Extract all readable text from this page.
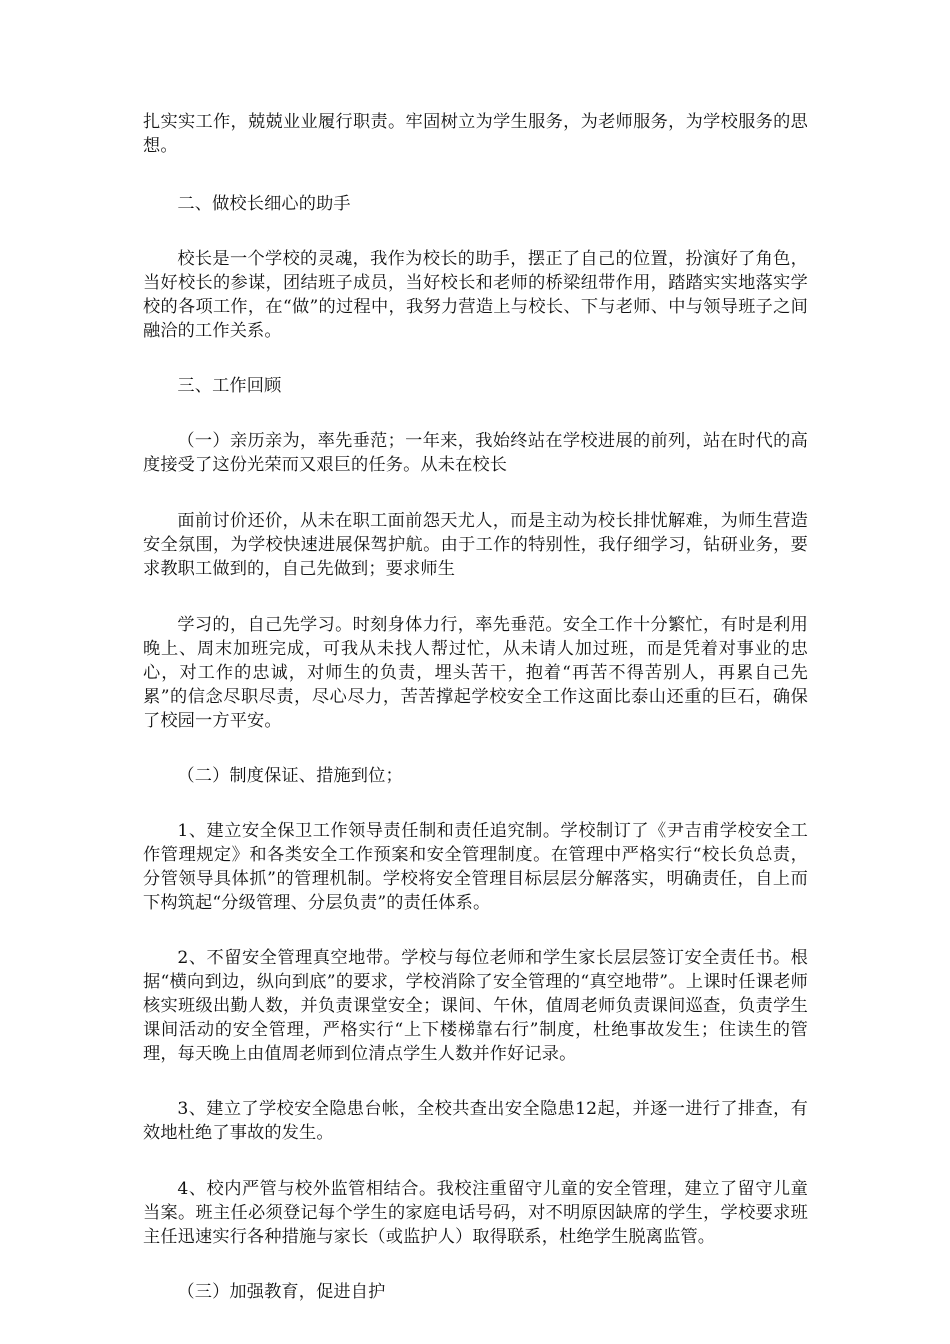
扎实实工作，兢兢业业履行职责。牢固树立为学生服务，为老师服务，为学校服务的思想。

二、做校长细心的助手

校长是一个学校的灵魂，我作为校长的助手，摆正了自己的位置，扮演好了角色，当好校长的参谋，团结班子成员，当好校长和老师的桥梁纽带作用，踏踏实实地落实学校的各项工作，在“做”的过程中，我努力营造上与校长、下与老师、中与领导班子之间融洽的工作关系。

三、工作回顾

（一）亲历亲为，率先垂范；一年来，我始终站在学校进展的前列，站在时代的高度接受了这份光荣而又艰巨的任务。从未在校长

面前讨价还价，从未在职工面前怨天尤人，而是主动为校长排忧解难，为师生营造安全氛围，为学校快速进展保驾护航。由于工作的特别性，我仔细学习，钻研业务，要求教职工做到的，自己先做到；要求师生

学习的，自己先学习。时刻身体力行，率先垂范。安全工作十分繁忙，有时是利用晚上、周末加班完成，可我从未找人帮过忙，从未请人加过班，而是凭着对事业的忠心，对工作的忠诚，对师生的负责，埋头苦干，抱着“再苦不得苦别人，再累自己先累”的信念尽职尽责，尽心尽力，苦苦撑起学校安全工作这面比泰山还重的巨石，确保了校园一方平安。

（二）制度保证、措施到位；

1、建立安全保卫工作领导责任制和责任追究制。学校制订了《尹吉甫学校安全工作管理规定》和各类安全工作预案和安全管理制度。在管理中严格实行“校长负总责，分管领导具体抓”的管理机制。学校将安全管理目标层层分解落实，明确责任，自上而下构筑起“分级管理、分层负责”的责任体系。

2、不留安全管理真空地带。学校与每位老师和学生家长层层签订安全责任书。根据“横向到边，纵向到底”的要求，学校消除了安全管理的“真空地带”。上课时任课老师核实班级出勤人数，并负责课堂安全；课间、午休，值周老师负责课间巡查，负责学生课间活动的安全管理，严格实行“上下楼梯靠右行”制度，杜绝事故发生；住读生的管理，每天晚上由值周老师到位清点学生人数并作好记录。

3、建立了学校安全隐患台帐，全校共查出安全隐患12起，并逐一进行了排查，有效地杜绝了事故的发生。

4、校内严管与校外监管相结合。我校注重留守儿童的安全管理，建立了留守儿童当案。班主任必须登记每个学生的家庭电话号码，对不明原因缺席的学生，学校要求班主任迅速实行各种措施与家长（或监护人）取得联系，杜绝学生脱离监管。

（三）加强教育，促进自护
